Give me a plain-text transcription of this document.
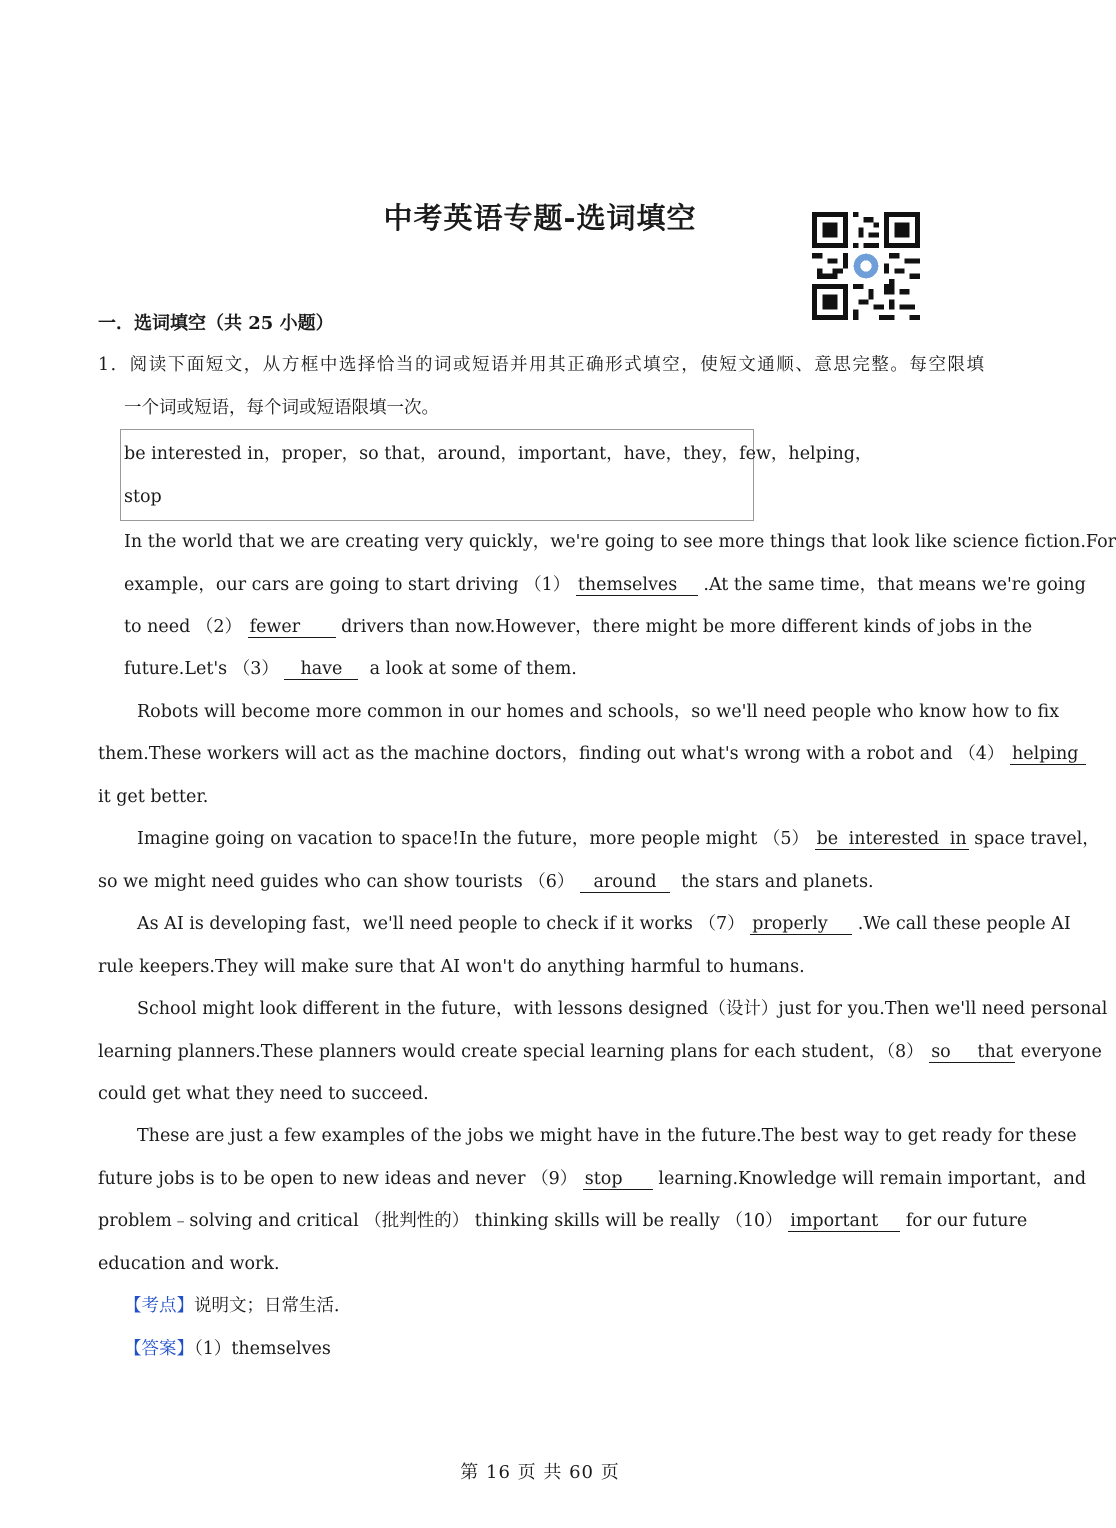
中考英语专题-选词填空
一．选词填空（共 25 小题）
1．阅读下面短文，从方框中选择恰当的词或短语并用其正确形式填空，使短文通顺、意思完整。每空限填
一个词或短语，每个词或短语限填一次。
be interested in，proper，so that，around，important，have，they，few，helping，
stop
In the world that we are creating very quickly，we're going to see more things that look like science fiction.For
example，our cars are going to start driving （1） themselves .At the same time，that means we're going
to need （2） fewer drivers than now.However，there might be more different kinds of jobs in the
future.Let's （3） have a look at some of them.
Robots will become more common in our homes and schools，so we'll need people who know how to fix
them.These workers will act as the machine doctors，finding out what's wrong with a robot and （4） helping
it get better.
Imagine going on vacation to space!In the future，more people might （5） be interested in space travel，
so we might need guides who can show tourists （6） around the stars and planets.
As AI is developing fast，we'll need people to check if it works （7） properly .We call these people AI
rule keepers.They will make sure that AI won't do anything harmful to humans.
School might look different in the future，with lessons designed（设计）just for you.Then we'll need personal
learning planners.These planners would create special learning plans for each student，（8） so that everyone
could get what they need to succeed.
These are just a few examples of the jobs we might have in the future.The best way to get ready for these
future jobs is to be open to new ideas and never （9） stop learning.Knowledge will remain important，and
problem﹣solving and critical （批判性的） thinking skills will be really （10） important for our future
education and work.
【考点】说明文；日常生活．
【答案】（1）themselves
第 16 页 共 60 页
